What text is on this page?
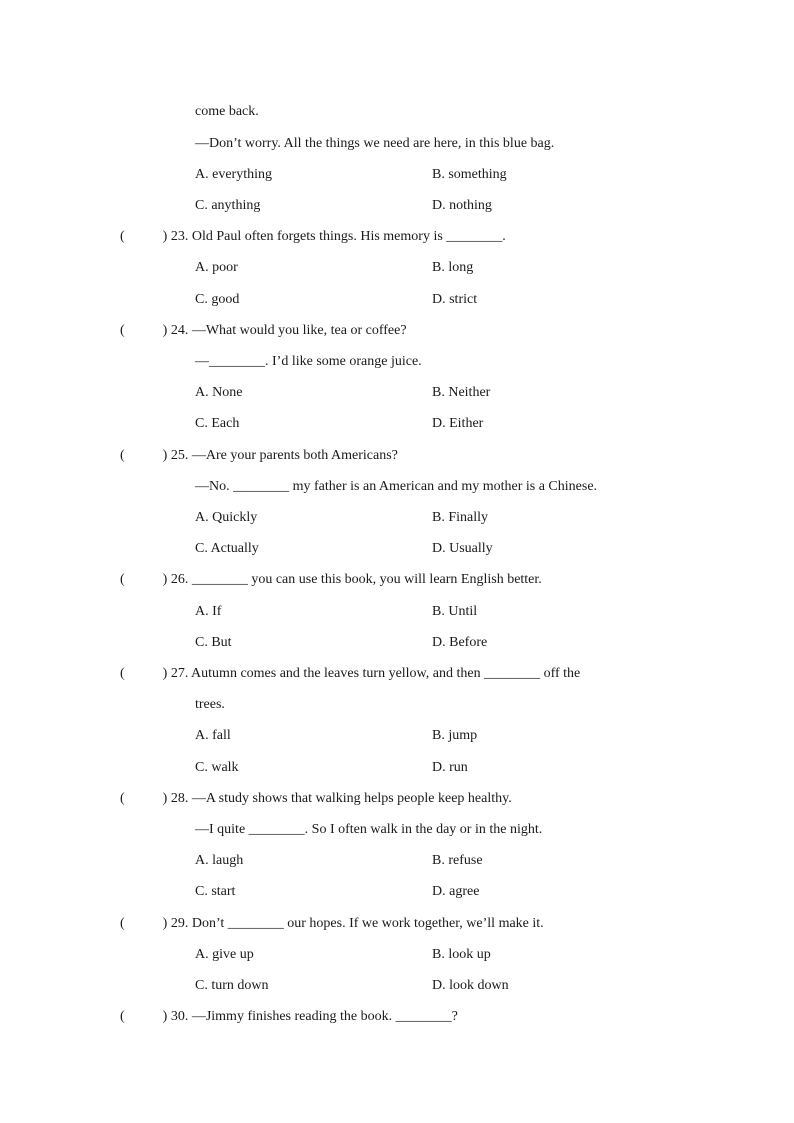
come back.
—Don’t worry. All the things we need are here, in this blue bag.
A. everything	B. something
C. anything	D. nothing
(	) 23. Old Paul often forgets things. His memory is ________.
A. poor	B. long
C. good	D. strict
(	) 24. —What would you like, tea or coffee?
—________. I’d like some orange juice.
A. None	B. Neither
C. Each	D. Either
(	) 25. —Are your parents both Americans?
—No. ________ my father is an American and my mother is a Chinese.
A. Quickly	B. Finally
C. Actually	D. Usually
(	) 26. ________ you can use this book, you will learn English better.
A. If	B. Until
C. But	D. Before
(	) 27. Autumn comes and the leaves turn yellow, and then ________ off the
trees.
A. fall	B. jump
C. walk	D. run
(	) 28. —A study shows that walking helps people keep healthy.
—I quite ________. So I often walk in the day or in the night.
A. laugh	B. refuse
C. start	D. agree
(	) 29. Don’t ________ our hopes. If we work together, we’ll make it.
A. give up	B. look up
C. turn down	D. look down
(	) 30. —Jimmy finishes reading the book. ________?
